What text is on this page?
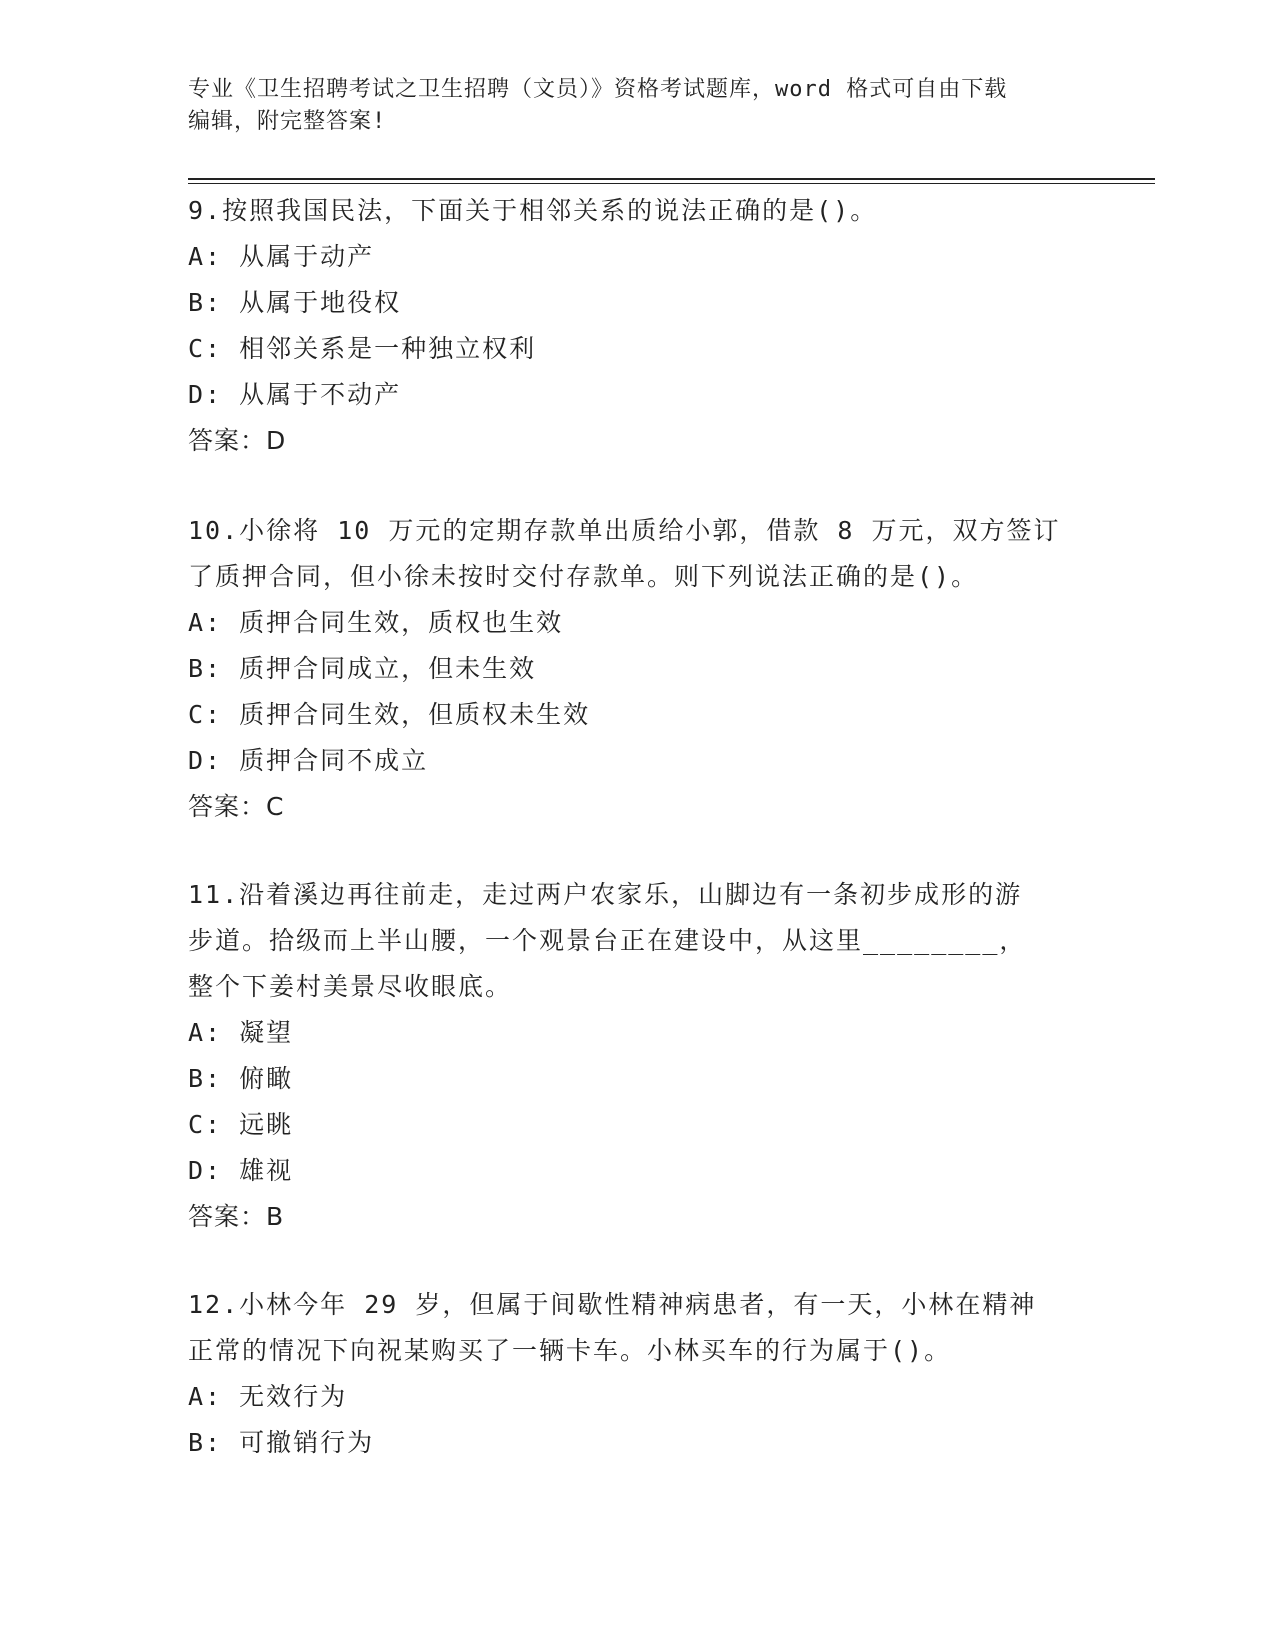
专业《卫生招聘考试之卫生招聘（文员）》资格考试题库，word 格式可自由下载
编辑，附完整答案!
9.按照我国民法，下面关于相邻关系的说法正确的是()。
A: 从属于动产
B: 从属于地役权
C: 相邻关系是一种独立权利
D: 从属于不动产
答案：D
10.小徐将 10 万元的定期存款单出质给小郭，借款 8 万元，双方签订
了质押合同，但小徐未按时交付存款单。则下列说法正确的是()。
A: 质押合同生效，质权也生效
B: 质押合同成立，但未生效
C: 质押合同生效，但质权未生效
D: 质押合同不成立
答案：C
11.沿着溪边再往前走，走过两户农家乐，山脚边有一条初步成形的游
步道。拾级而上半山腰，一个观景台正在建设中，从这里________，
整个下姜村美景尽收眼底。
A: 凝望
B: 俯瞰
C: 远眺
D: 雄视
答案：B
12.小林今年 29 岁，但属于间歇性精神病患者，有一天，小林在精神
正常的情况下向祝某购买了一辆卡车。小林买车的行为属于()。
A: 无效行为
B: 可撤销行为
